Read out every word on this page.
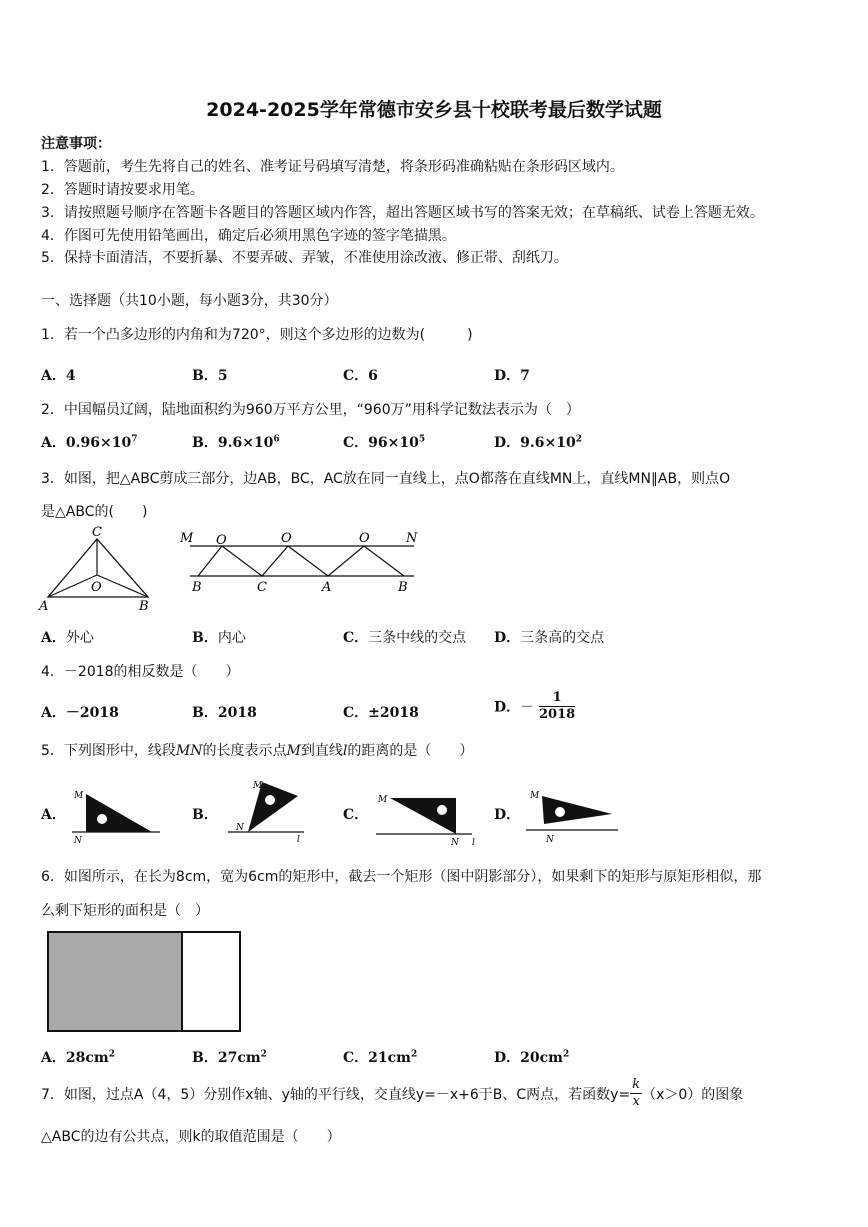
2024-2025学年常德市安乡县十校联考最后数学试题
注意事项：
1．答题前，考生先将自己的姓名、准考证号码填写清楚，将条形码准确粘贴在条形码区域内。
2．答题时请按要求用笔。
3．请按照题号顺序在答题卡各题目的答题区域内作答，超出答题区域书写的答案无效；在草稿纸、试卷上答题无效。
4．作图可先使用铅笔画出，确定后必须用黑色字迹的签字笔描黑。
5．保持卡面清洁，不要折暴、不要弄破、弄皱，不准使用涂改液、修正带、刮纸刀。
一、选择题（共10小题，每小题3分，共30分）
1．若一个凸多边形的内角和为720°，则这个多边形的边数为(　　　)
A．4	B．5	C．6	D．7
2．中国幅员辽阔，陆地面积约为960万平方公里，“960万”用科学记数法表示为（　）
A．$0.96\times 10^7$	B．$9.6\times 10^6$	C．$96\times 10^5$	D．$9.6\times 10^2$
3．如图，把△ABC剪成三部分，边AB，BC，AC放在同一直线上，点O都落在直线MN上，直线MN∥AB，则点O
是△ABC的(　　)
C
O
A	B
M	N
O	O	O
B	C	A	B
A．外心	B．内心	C．三条中线的交点 D．三条高的交点
4．－2018的相反数是（　　）
A．－2018	B．2018	C．±2018	D．－ $\frac{1}{2018}$
5．下列图形中，线段MN的长度表示点M到直线l的距离的是（　　）
A．
M
N
B．
M
N
l
C．
M
N l
D．
M
N
6．如图所示，在长为8cm，宽为6cm的矩形中，截去一个矩形（图中阴影部分），如果剩下的矩形与原矩形相似，那
么剩下矩形的面积是（　）
A．$28cm^2$	B．$27cm^2$	C．$21cm^2$	D．$20cm^2$
7．如图，过点A（4，5）分别作x轴、y轴的平行线，交直线y=－x+6于B、C两点，若函数$y= \frac{k}{x} (x>0)$的图象
△ABC的边有公共点，则k的取值范围是（　　）
